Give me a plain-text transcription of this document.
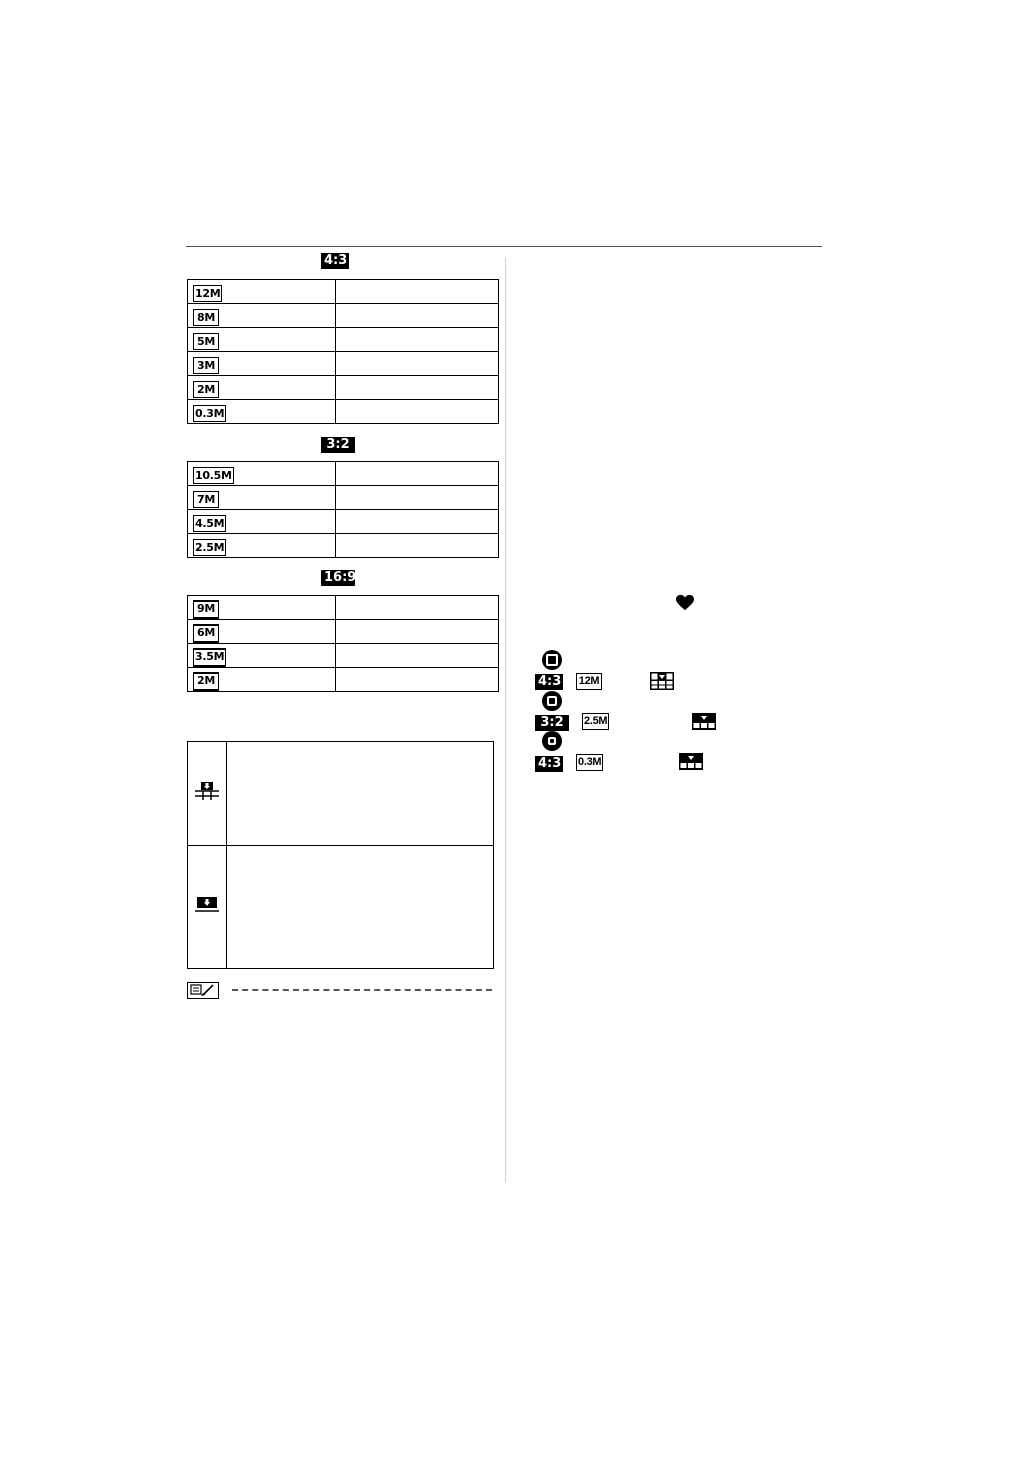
4:3
12M	
8M	
5M	
3M	
2M	
0.3M	
3:2
10.5M	
7M	
4.5M	
2.5M	
16:9
9M	
6M	
3.5M	
2M	

		4:3 12M
3:2	2.5M
4:3 0.3M
